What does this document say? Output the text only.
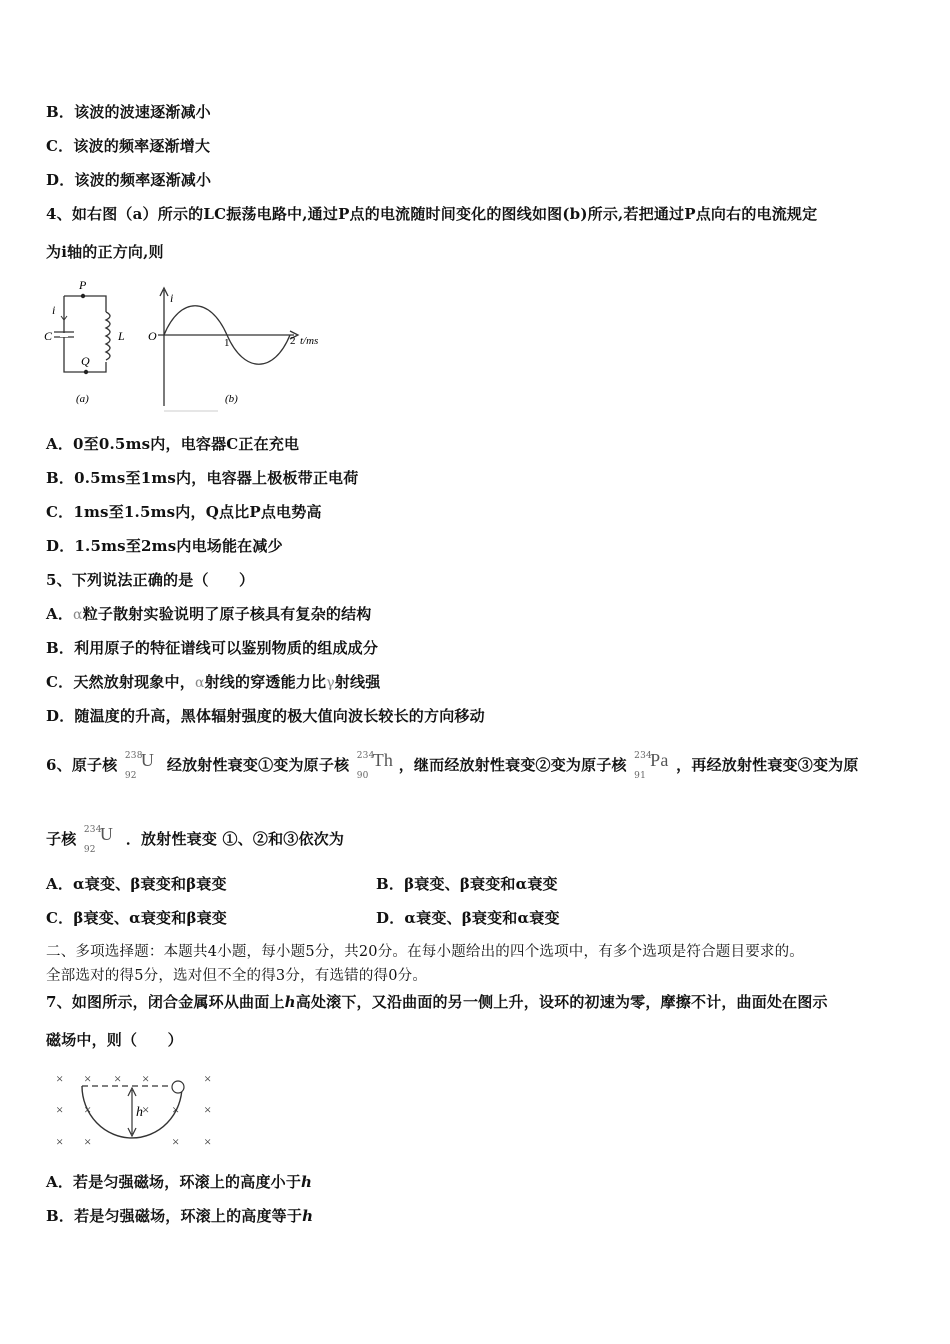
B．该波的波速逐渐减小
C．该波的频率逐渐增大
D．该波的频率逐渐减小
4、如右图（a）所示的LC振荡电路中,通过P点的电流随时间变化的图线如图(b)所示,若把通过P点向右的电流规定
为i轴的正方向,则
P
Q
i
C	L
(a)
i
O	1	2 t/ms
(b)
A．0至0.5ms内，电容器C正在充电
B．0.5ms至1ms内，电容器上极板带正电荷
C．1ms至1.5ms内，Q点比P点电势高
D．1.5ms至2ms内电场能在减少
5、下列说法正确的是（　　）
A．α粒子散射实验说明了原子核具有复杂的结构
B．利用原子的特征谱线可以鉴别物质的组成成分
C．天然放射现象中，α射线的穿透能力比γ射线强
D．随温度的升高，黑体辐射强度的极大值向波长较长的方向移动
6、原子核 238
92
U 经放射性衰变①变为原子核 234
90
Th ，继而经放射性衰变②变为原子核 234
91
Pa ，再经放射性衰变③变为原
子核 234
92
U ．放射性衰变 ①、②和③依次为
A．α衰变、β衰变和β衰变	B．β衰变、β衰变和α衰变
C．β衰变、α衰变和β衰变	D．α衰变、β衰变和α衰变
二、多项选择题：本题共4小题，每小题5分，共20分。在每小题给出的四个选项中，有多个选项是符合题目要求的。
全部选对的得5分，选对但不全的得3分，有选错的得0分。
7、如图所示，闭合金属环从曲面上h高处滚下，又沿曲面的另一侧上升，设环的初速为零，摩擦不计，曲面处在图示
磁场中，则（　　）
× × × ×	×
× ×	× × ×
× ×	× ×
h
A．若是匀强磁场，环滚上的高度小于h
B．若是匀强磁场，环滚上的高度等于h
